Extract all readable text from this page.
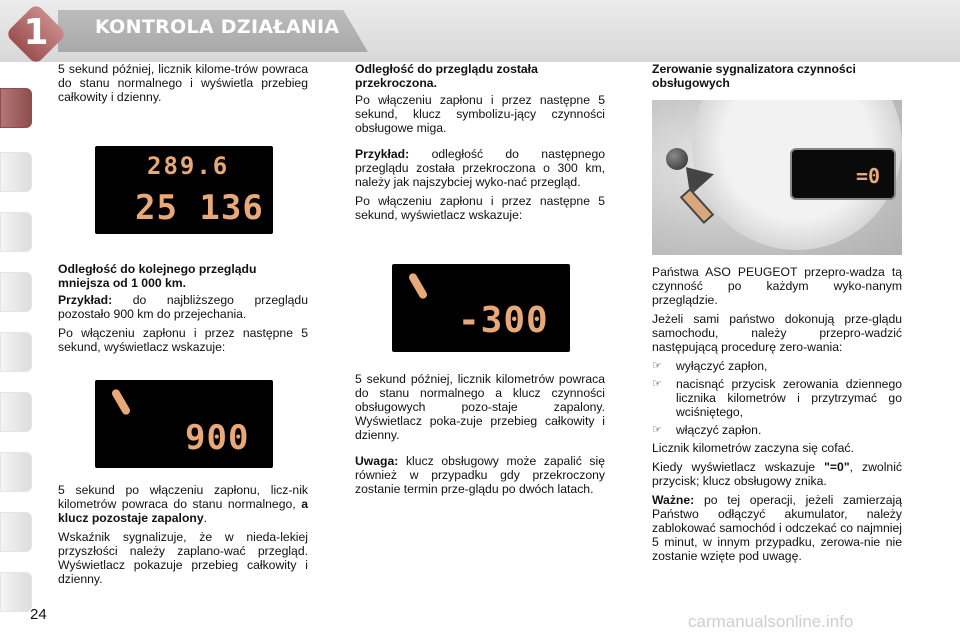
1	KONTROLA DZIAŁANIA

5 sekund później, licznik kilome-trów powraca do stanu normalnego i wyświetla przebieg całkowity i dzienny.

289.6
25 136

Odległość do kolejnego przeglądu mniejsza od 1 000 km.

Przykład: do najbliższego przeglądu pozostało 900 km do przejechania.

Po włączeniu zapłonu i przez następne 5 sekund, wyświetlacz wskazuje:

900

5 sekund po włączeniu zapłonu, licz-nik kilometrów powraca do stanu normalnego, a klucz pozostaje zapalony.

Wskaźnik sygnalizuje, że w nieda-lekiej przyszłości należy zaplano-wać przegląd. Wyświetlacz pokazuje przebieg całkowity i dzienny.

Odległość do przeglądu została przekroczona.

Po włączeniu zapłonu i przez następne 5 sekund, klucz symbolizu-jący czynności obsługowe miga.

Przykład: odległość do następnego przeglądu została przekroczona o 300 km, należy jak najszybciej wyko-nać przegląd.

Po włączeniu zapłonu i przez następne 5 sekund, wyświetlacz wskazuje:

-300

5 sekund później, licznik kilometrów powraca do stanu normalnego a klucz czynności obsługowych pozo-staje zapalony. Wyświetlacz poka-zuje przebieg całkowity i dzienny.

Uwaga: klucz obsługowy może zapalić się również w przypadku gdy przekroczony zostanie termin prze-glądu po dwóch latach.

Zerowanie sygnalizatora czynności obsługowych

=0

Państwa ASO PEUGEOT przepro-wadza tą czynność po każdym wyko-nanym przeglądzie.

Jeżeli sami państwo dokonują prze-glądu samochodu, należy przepro-wadzić następującą procedurę zero-wania:

☞	wyłączyć zapłon,
☞	nacisnąć przycisk zerowania dziennego licznika kilometrów i przytrzymać go wciśniętego,
☞	włączyć zapłon.

Licznik kilometrów zaczyna się cofać.

Kiedy wyświetlacz wskazuje "=0", zwolnić przycisk; klucz obsługowy znika.

Ważne: po tej operacji, jeżeli zamierzają Państwo odłączyć akumulator, należy zablokować samochód i odczekać co najmniej 5 minut, w innym przypadku, zerowa-nie nie zostanie wzięte pod uwagę.

24	carmanualsonline.info
